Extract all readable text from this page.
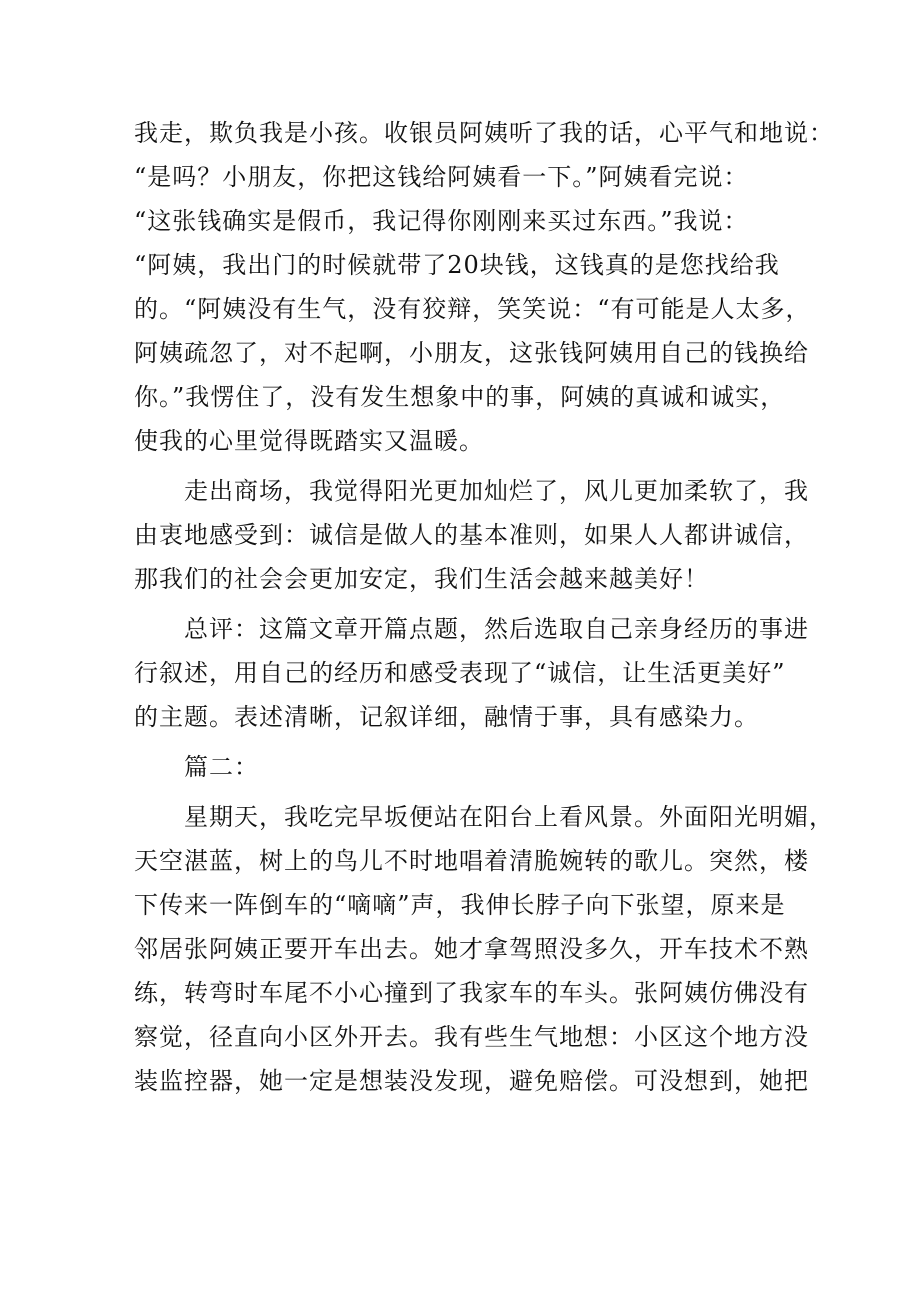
我走，欺负我是小孩。收银员阿姨听了我的话，心平气和地说：
“是吗？小朋友，你把这钱给阿姨看一下。”阿姨看完说：
“这张钱确实是假币，我记得你刚刚来买过东西。”我说：
“阿姨，我出门的时候就带了20块钱，这钱真的是您找给我
的。“阿姨没有生气，没有狡辩，笑笑说：“有可能是人太多，
阿姨疏忽了，对不起啊，小朋友，这张钱阿姨用自己的钱换给
你。”我愣住了，没有发生想象中的事，阿姨的真诚和诚实，
使我的心里觉得既踏实又温暖。
走出商场，我觉得阳光更加灿烂了，风儿更加柔软了，我
由衷地感受到：诚信是做人的基本准则，如果人人都讲诚信，
那我们的社会会更加安定，我们生活会越来越美好！
总评：这篇文章开篇点题，然后选取自己亲身经历的事进
行叙述，用自己的经历和感受表现了“诚信，让生活更美好”
的主题。表述清晰，记叙详细，融情于事，具有感染力。
篇二：
星期天，我吃完早坂便站在阳台上看风景。外面阳光明媚，
天空湛蓝，树上的鸟儿不时地唱着清脆婉转的歌儿。突然，楼
下传来一阵倒车的“嘀嘀”声，我伸长脖子向下张望，原来是
邻居张阿姨正要开车出去。她才拿驾照没多久，开车技术不熟
练，转弯时车尾不小心撞到了我家车的车头。张阿姨仿佛没有
察觉，径直向小区外开去。我有些生气地想：小区这个地方没
装监控器，她一定是想装没发现，避免赔偿。可没想到，她把
